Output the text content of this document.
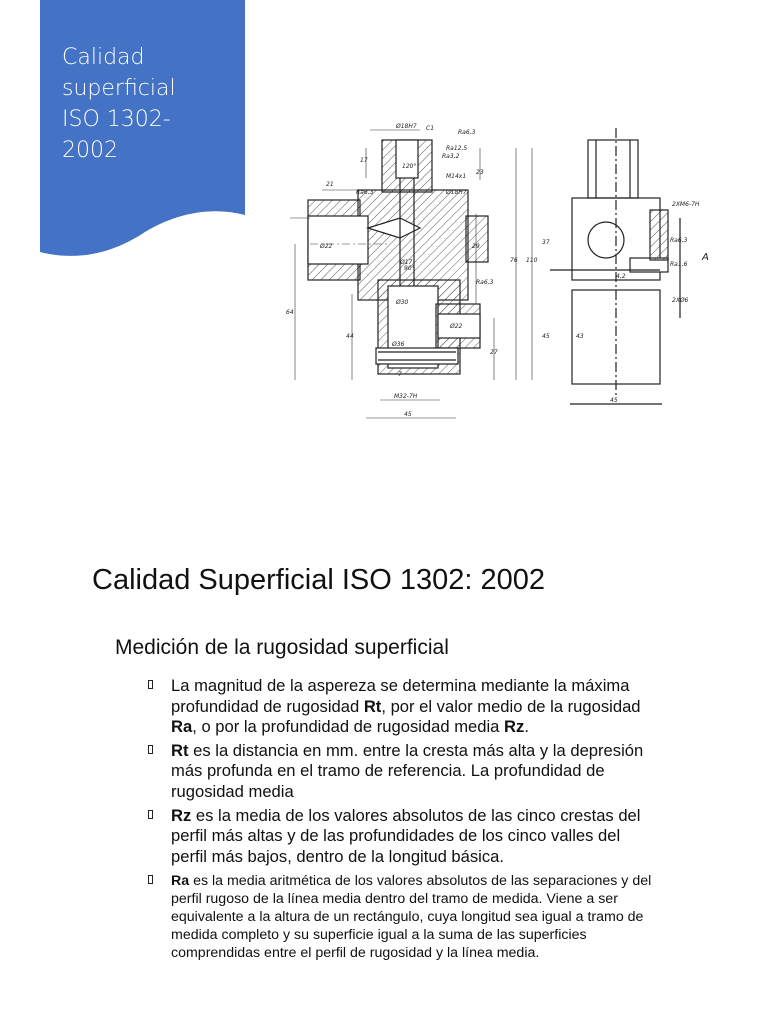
Calidad
superficial
ISO 1302-
2002
Ø18H7 C1
Ra6,3
17
Ra3,2
120°
23
M14x1
Ra12,5
21
Ø18H7
Ra6,3
Ø22
Ø17
29
76 110
90°
Ø30
Ra6,3
Ø22
64
44
27
Ø36
7
M32-7H
45
37
45	43
45
2XM6-7H
Ra6,3
A
4,2
Ra1,6
2XØ6
Calidad Superficial ISO 1302: 2002
Medición de la rugosidad superficial
La magnitud de la aspereza se determina mediante la máxima profundidad de rugosidad Rt, por el valor medio de la rugosidad Ra, o por la profundidad de rugosidad media Rz.
Rt es la distancia en mm. entre la cresta más alta y la depresión más profunda en el tramo de referencia. La profundidad de rugosidad media
Rz es la media de los valores absolutos de las cinco crestas del perfil más altas y de las profundidades de los cinco valles del perfil más bajos, dentro de la longitud básica.
Ra es la media aritmética de los valores absolutos de las separaciones y del perfil rugoso de la línea media dentro del tramo de medida. Viene a ser equivalente a la altura de un rectángulo, cuya longitud sea igual a tramo de medida completo y su superficie igual a la suma de las superficies comprendidas entre el perfil de rugosidad y la línea media.
